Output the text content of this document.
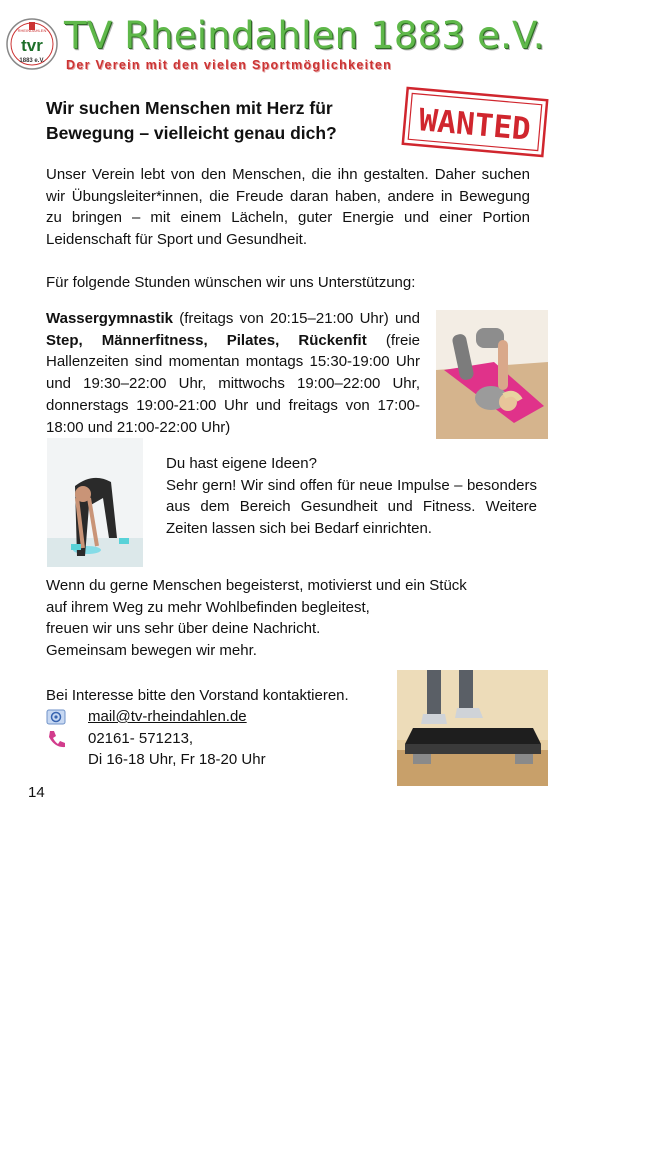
RHEINDAHLEN
tvr
1883 e.V.
TV Rheindahlen 1883 e.V.
Der Verein mit den vielen Sportmöglichkeiten
Wir suchen Menschen mit Herz für
Bewegung – vielleicht genau dich?	WANTED
Unser Verein lebt von den Menschen, die ihn gestalten. Daher suchen wir Übungsleiter*innen, die Freude daran haben, andere in Bewegung zu bringen – mit einem Lächeln, guter Energie und einer Portion Leidenschaft für Sport und Gesundheit.
Für folgende Stunden wünschen wir uns Unterstützung:
Wassergymnastik (freitags von 20:15–21:00 Uhr) und Step, Männerfitness, Pilates, Rückenfit (freie Hallenzeiten sind momentan montags 15:30-19:00 Uhr und 19:30–22:00 Uhr, mittwochs 19:00–22:00 Uhr, donnerstags 19:00-21:00 Uhr und freitags von 17:00-18:00 und 21:00-22:00 Uhr)
Du hast eigene Ideen?
Sehr gern! Wir sind offen für neue Impulse – besonders aus dem Bereich Gesundheit und Fitness. Weitere Zeiten lassen sich bei Bedarf einrichten.
Wenn du gerne Menschen begeisterst, motivierst und ein Stück
auf ihrem Weg zu mehr Wohlbefinden begleitest,
freuen wir uns sehr über deine Nachricht.
Gemeinsam bewegen wir mehr.
Bei Interesse bitte den Vorstand kontaktieren.
mail@tv-rheindahlen.de
02161- 571213,
Di 16-18 Uhr, Fr 18-20 Uhr
14
